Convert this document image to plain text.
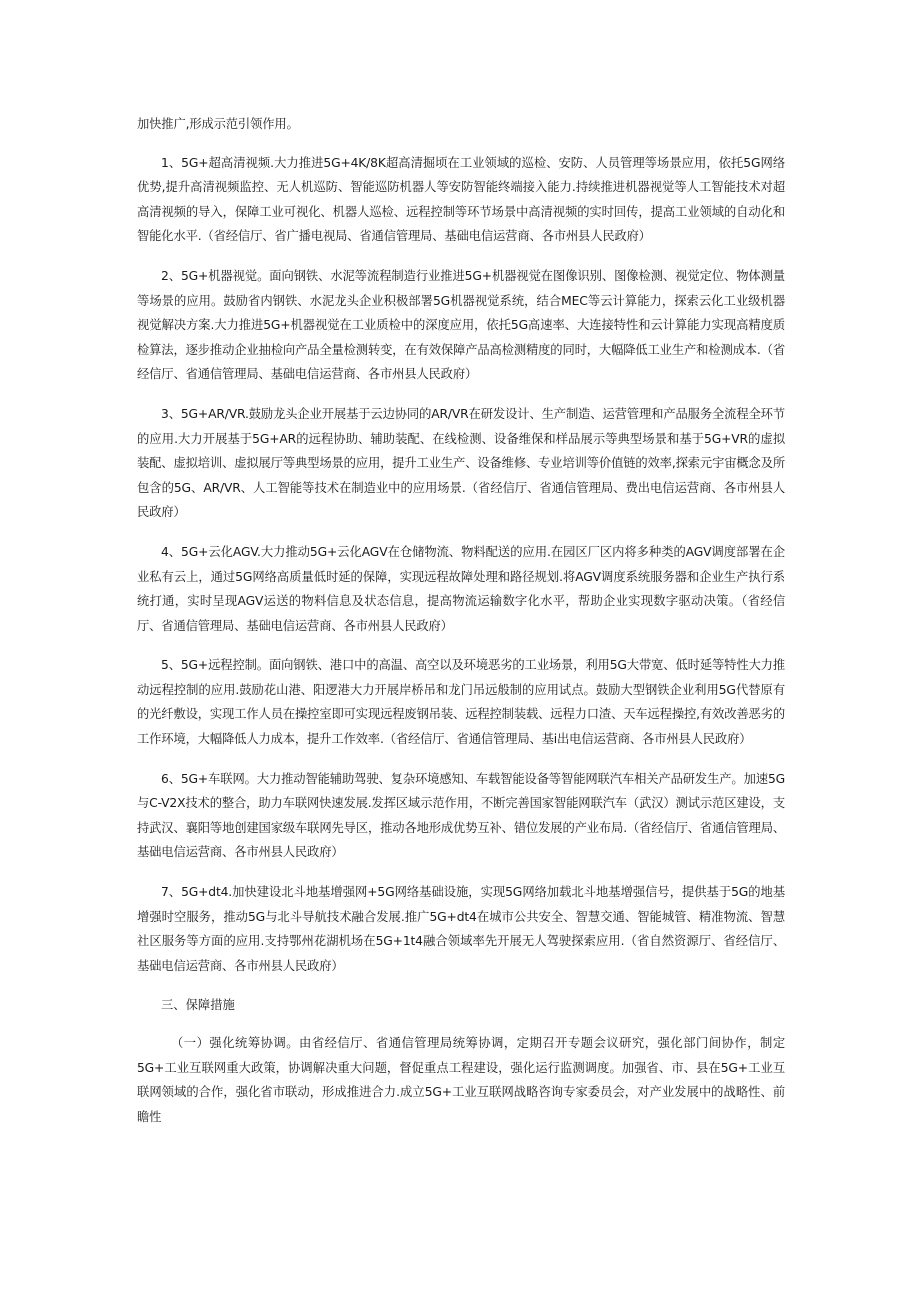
加快推广,形成示范引领作用。

1、5G+超高清视频.大力推进5G+4K/8K超高清掘顷在工业领域的巡检、安防、人员管理等场景应用，依托5G网络优势,提升高清视频监控、无人机巡防、智能巡防机器人等安防智能终端接入能力.持续推进机器视觉等人工智能技术对超高清视频的导入，保障工业可视化、机器人巡检、远程控制等环节场景中高清视频的实时回传，提高工业领域的自动化和智能化水平.（省经信厅、省广播电视局、省通信管理局、基础电信运营商、各市州县人民政府）

2、5G+机器视觉。面向钢铁、水泥等流程制造行业推进5G+机器视觉在图像识别、图像检测、视觉定位、物体测量等场景的应用。鼓励省内钢铁、水泥龙头企业积极部署5G机器视觉系统，结合MEC等云计算能力，探索云化工业级机器视觉解决方案.大力推进5G+机器视觉在工业质检中的深度应用，依托5G高速率、大连接特性和云计算能力实现高精度质检算法，逐步推动企业抽检向产品全量检测转变，在有效保障产品高检测精度的同时，大幅降低工业生产和检测成本.（省经信厅、省通信管理局、基础电信运营商、各市州县人民政府）

3、5G+AR/VR.鼓励龙头企业开展基于云边协同的AR/VR在研发设计、生产制造、运营管理和产品服务全流程全环节的应用.大力开展基于5G+AR的远程协助、辅助装配、在线检测、设备维保和样品展示等典型场景和基于5G+VR的虚拟装配、虚拟培训、虚拟展厅等典型场景的应用，提升工业生产、设备维修、专业培训等价值链的效率,探索元宇宙概念及所包含的5G、AR/VR、人工智能等技术在制造业中的应用场景.（省经信厅、省通信管理局、费出电信运营商、各市州县人民政府）

4、5G+云化AGV.大力推动5G+云化AGV在仓储物流、物料配送的应用.在园区厂区内将多种类的AGV调度部署在企业私有云上，通过5G网络高质量低时延的保障，实现远程故障处理和路径规划.将AGV调度系统服务器和企业生产执行系统打通，实时呈现AGV运送的物料信息及状态信息，提高物流运输数字化水平，帮助企业实现数字驱动决策。（省经信厅、省通信管理局、基础电信运营商、各市州县人民政府）

5、5G+远程控制。面向钢铁、港口中的高温、高空以及环境恶劣的工业场景，利用5G大带宽、低时延等特性大力推动远程控制的应用.鼓励花山港、阳逻港大力开展岸桥吊和龙门吊远般制的应用试点。鼓励大型钢铁企业利用5G代替原有的光纤敷设，实现工作人员在操控室即可实现远程废钢吊装、远程控制装载、远程力口渣、天车远程操控,有效改善恶劣的工作环境，大幅降低人力成本，提升工作效率.（省经信厅、省通信管理局、基i出电信运营商、各市州县人民政府）

6、5G+车联网。大力推动智能辅助驾驶、复杂环境感知、车载智能设备等智能网联汽车相关产品研发生产。加速5G与C-V2X技术的整合，助力车联网快速发展.发挥区域示范作用，不断完善国家智能网联汽车（武汉）测试示范区建设，支持武汉、襄阳等地创建国家级车联网先导区，推动各地形成优势互补、错位发展的产业布局.（省经信厅、省通信管理局、基础电信运营商、各市州县人民政府）

7、5G+dt4.加快建设北斗地基增强网+5G网络基础设施，实现5G网络加载北斗地基增强信号，提供基于5G的地基增强时空服务，推动5G与北斗导航技术融合发展.推广5G+dt4在城市公共安全、智慧交通、智能城管、精准物流、智慧社区服务等方面的应用.支持鄂州花湖机场在5G+1t4融合领域率先开展无人驾驶探索应用.（省自然资源厅、省经信厅、基础电信运营商、各市州县人民政府）

三、保障措施

（一）强化统筹协调。由省经信厅、省通信管理局统筹协调，定期召开专题会议研究，强化部门间协作，制定5G+工业互联网重大政策，协调解决重大问题，督促重点工程建设，强化运行监测调度。加强省、市、县在5G+工业互联网领域的合作，强化省市联动，形成推进合力.成立5G+工业互联网战略咨询专家委员会，对产业发展中的战略性、前瞻性
